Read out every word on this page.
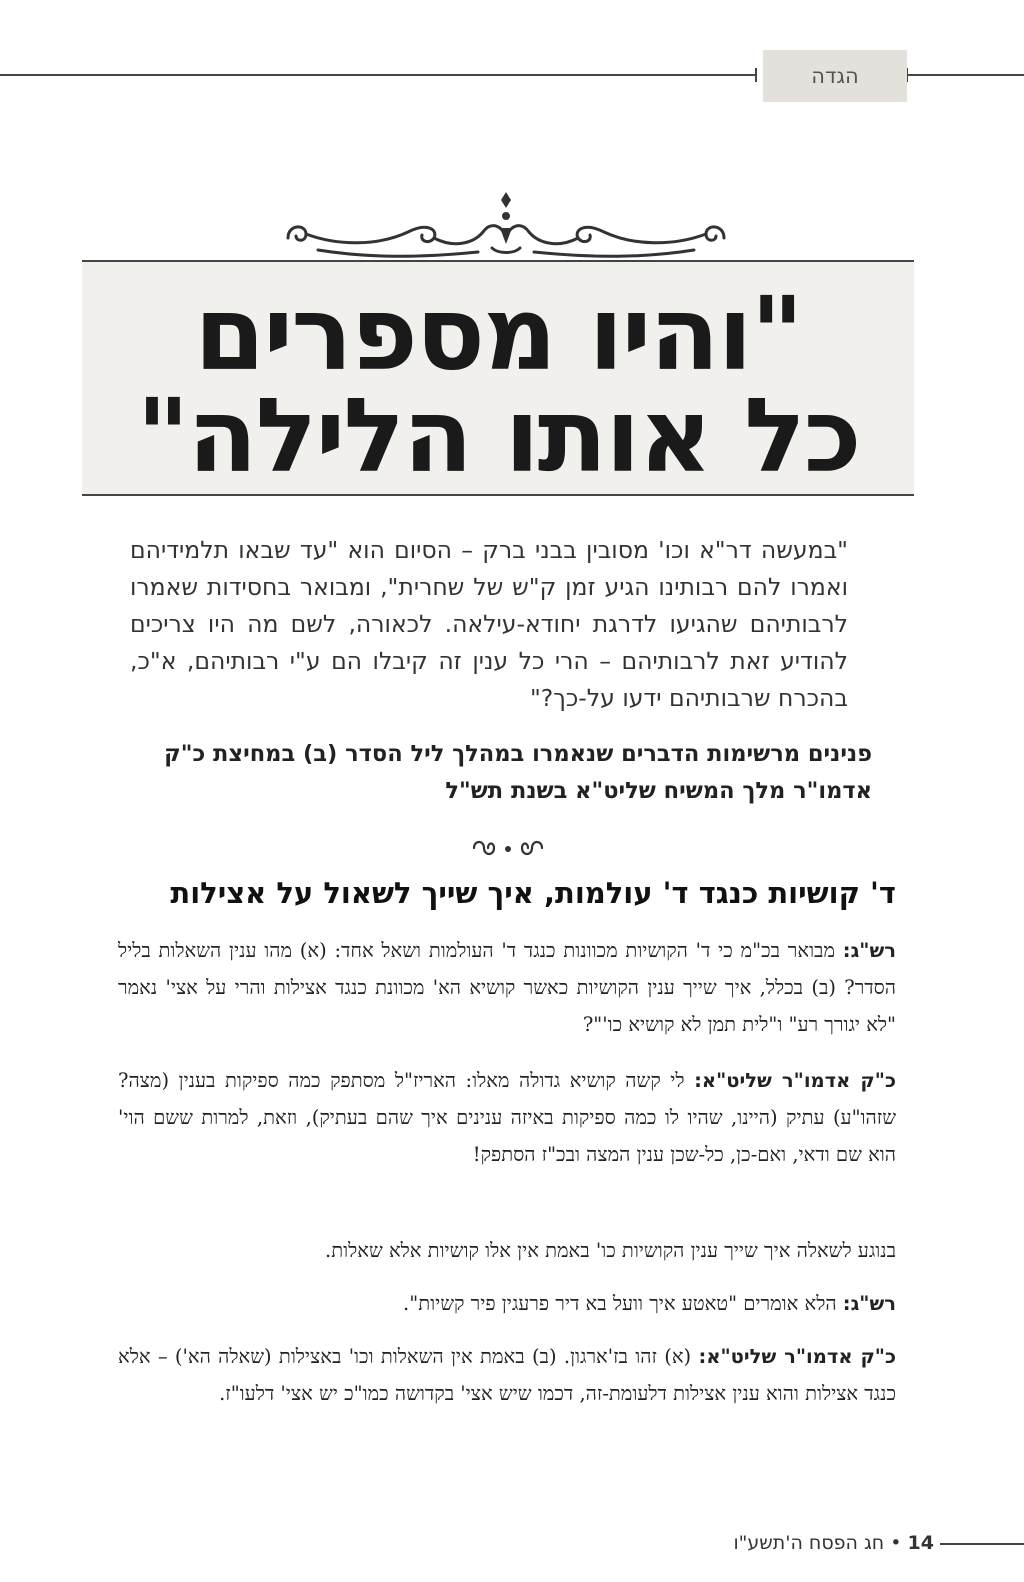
הגדה
"והיו מספרים
כל אותו הלילה"
"במעשה דר"א וכו' מסובין בבני ברק – הסיום הוא "עד שבאו תלמידיהם ואמרו להם רבותינו הגיע זמן ק"ש של שחרית", ומבואר בחסידות שאמרו לרבותיהם שהגיעו לדרגת יחודא-עילאה. לכאורה, לשם מה היו צריכים להודיע זאת לרבותיהם – הרי כל ענין זה קיבלו הם ע"י רבותיהם, א"כ, בהכרח שרבותיהם ידעו על-כך?"
פנינים מרשימות הדברים שנאמרו במהלך ליל הסדר (ב) במחיצת כ"ק אדמו"ר מלך המשיח שליט"א בשנת תש"ל
ד' קושיות כנגד ד' עולמות, איך שייך לשאול על אצילות
רש"ג: מבואר בכ"מ כי ד' הקושיות מכוונות כנגד ד' העולמות ושאל אחד: (א) מהו ענין השאלות בליל הסדר? (ב) בכלל, איך שייך ענין הקושיות כאשר קושיא הא' מכוונת כנגד אצילות והרי על אצי' נאמר "לא יגורך רע" ו"לית תמן לא קושיא כו'"?
כ"ק אדמו"ר שליט"א: לי קשה קושיא גדולה מאלו: האריז"ל מסתפק כמה ספיקות בענין (מצה? שזהו"ע) עתיק (היינו, שהיו לו כמה ספיקות באיזה ענינים איך שהם בעתיק), וזאת, למרות ששם הוי' הוא שם ודאי, ואם-כן, כל-שכן ענין המצה ובכ"ז הסתפק!
בנוגע לשאלה איך שייך ענין הקושיות כו' באמת אין אלו קושיות אלא שאלות.
רש"ג: הלא אומרים "טאטע איך וועל בא דיר פרעגין פיר קשיות".
כ"ק אדמו"ר שליט"א: (א) זהו בז'ארגון. (ב) באמת אין השאלות וכו' באצילות (שאלה הא') – אלא כנגד אצילות והוא ענין אצילות דלעומת-זה, דכמו שיש אצי' בקדושה כמו"כ יש אצי' דלעו"ז.
14 • חג הפסח ה'תשע"ו
